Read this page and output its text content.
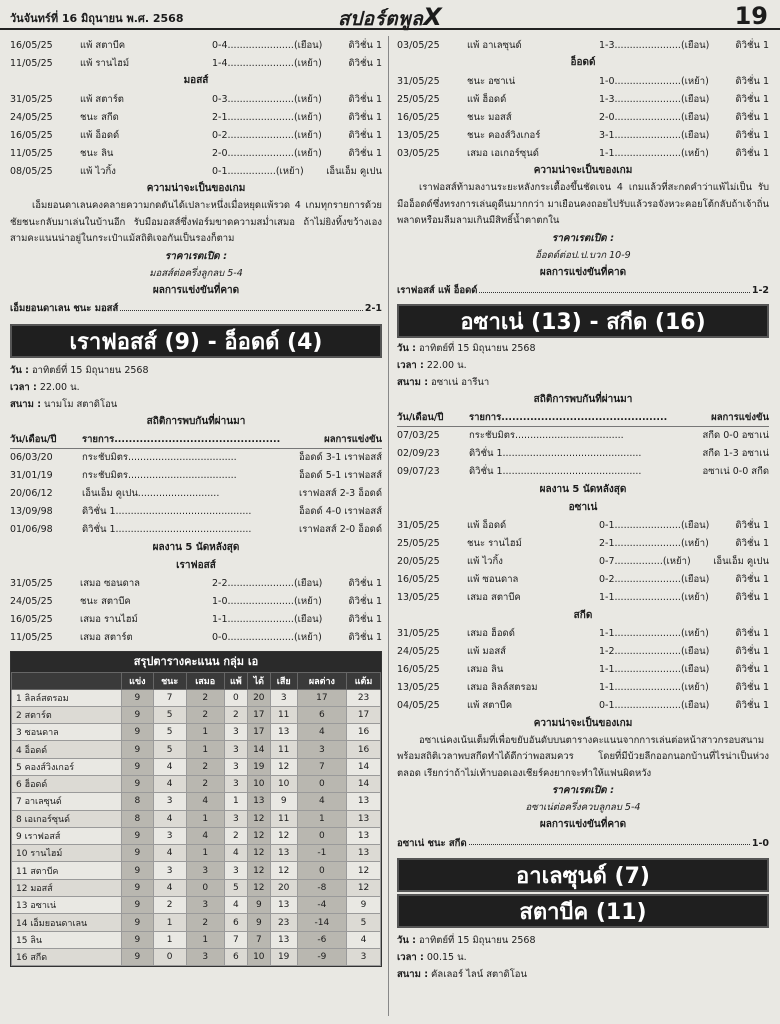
วันจันทร์ที่ 16 มิถุนายน พ.ศ. 2568	สปอร์ตพูลX	19
16/05/25	แพ้ สตาบีค	0-4......................(เยือน)	ดิวิชั่น 1
11/05/25	แพ้ รานไฮม์	1-4......................(เหย้า)	ดิวิชั่น 1
มอสส์
31/05/25	แพ้ สตาร์ต	0-3......................(เหย้า)	ดิวิชั่น 1
24/05/25	ชนะ สกีด	2-1......................(เหย้า)	ดิวิชั่น 1
16/05/25	แพ้ อ็อดด์	0-2......................(เหย้า)	ดิวิชั่น 1
11/05/25	ชนะ ลิน	2-0......................(เหย้า)	ดิวิชั่น 1
08/05/25	แพ้ ไวกิ้ง	0-1................(เหย้า)	เอ็นเอ็ม คูเปน
ความน่าจะเป็นของเกม
เอ็มยอนดาเลนคงคลายความกดดันได้เปลาะหนึ่งเมื่อหยุดแพ้รวด 4 เกมทุกรายการด้วยชัยชนะกลับมาเล่นในบ้านอีก รับมือมอสส์ซึ่งฟอร์มขาดความสม่ำเสมอ ถ้าไม่ยิงทิ้งขว้างเองสามคะแนนน่าอยู่ในกระเป๋าแม้สถิติเจอกันเป็นรองก็ตาม
ราคาเรตเปิด :
มอสส์ต่อครึ่งลูกลบ 5-4
ผลการแข่งขันที่คาด
เอ็มยอนดาเลน ชนะ มอสส์	2-1
เราฟอสส์ (9) - อ็อดด์ (4)
วัน : อาทิตย์ที่ 15 มิถุนายน 2568
เวลา : 22.00 น.
สนาม : นามโม สตาดิโอน
สถิติการพบกันที่ผ่านมา
วัน/เดือน/ปี	รายการ..............................................	ผลการแข่งขัน
06/03/20	กระชับมิตร....................................	อ็อดด์ 3-1 เราฟอสส์
31/01/19	กระชับมิตร....................................	อ็อดด์ 5-1 เราฟอสส์
20/06/12	เอ็นเอ็ม คูเปน...........................	เราฟอสส์ 2-3 อ็อดด์
13/09/98	ดิวิชั่น 1.............................................	อ็อดด์ 4-0 เราฟอสส์
01/06/98	ดิวิชั่น 1.............................................	เราฟอสส์ 2-0 อ็อดด์
ผลงาน 5 นัดหลังสุด
เราฟอสส์
31/05/25	เสมอ ซอนดาล	2-2......................(เยือน)	ดิวิชั่น 1
24/05/25	ชนะ สตาบีค	1-0......................(เหย้า)	ดิวิชั่น 1
16/05/25	เสมอ รานไฮม์	1-1......................(เยือน)	ดิวิชั่น 1
11/05/25	เสมอ สตาร์ต	0-0......................(เหย้า)	ดิวิชั่น 1
สรุปตารางคะแนน กลุ่ม เอ
	แข่ง	ชนะ	เสมอ	แพ้	ได้	เสีย	ผลต่าง	แต้ม
1 ลิลล์สตรอม	9	7	2	0	20	3	17	23
2 สตาร์ต	9	5	2	2	17	11	6	17
3 ซอนดาล	9	5	1	3	17	13	4	16
4 อ็อดด์	9	5	1	3	14	11	3	16
5 คองส์วิงเกอร์	9	4	2	3	19	12	7	14
6 ฮ็อดด์	9	4	2	3	10	10	0	14
7 อาเลซุนด์	8	3	4	1	13	9	4	13
8 เอเกอร์ซุนด์	8	4	1	3	12	11	1	13
9 เราฟอสส์	9	3	4	2	12	12	0	13
10 รานไฮม์	9	4	1	4	12	13	-1	13
11 สตาบีค	9	3	3	3	12	12	0	12
12 มอสส์	9	4	0	5	12	20	-8	12
13 อซาเน่	9	2	3	4	9	13	-4	9
14 เอ็มยอนดาเลน	9	1	2	6	9	23	-14	5
15 ลิน	9	1	1	7	7	13	-6	4
16 สกีด	9	0	3	6	10	19	-9	3
03/05/25	แพ้ อาเลซุนด์	1-3......................(เยือน)	ดิวิชั่น 1
อ็อดด์
31/05/25	ชนะ อซาเน่	1-0......................(เหย้า)	ดิวิชั่น 1
25/05/25	แพ้ ฮ็อดด์	1-3......................(เยือน)	ดิวิชั่น 1
16/05/25	ชนะ มอสส์	2-0......................(เยือน)	ดิวิชั่น 1
13/05/25	ชนะ คองส์วิงเกอร์	3-1......................(เยือน)	ดิวิชั่น 1
03/05/25	เสมอ เอเกอร์ซุนด์	1-1......................(เหย้า)	ดิวิชั่น 1
ความน่าจะเป็นของเกม
เราฟอสส์ท้ามลงานระยะหลังกระเตื้องขึ้นชัดเจน 4 เกมแล้วที่สะกดคำว่าแพ้ไม่เป็น รับมืออ็อดด์ซึ่งทรงการเล่นดูดีนมากกว่า มาเยือนคงถอยไปรับแล้วรอจังหวะคอยโต้กลับถ้าเจ้าถิ่นพลาดหรือมลีมลามเกินมีสิทธิ์น้ำตาตกใน
ราคาเรตเปิด :
อ็อดด์ต่อป.ป.บวก 10-9
ผลการแข่งขันที่คาด
เราฟอสส์ แพ้ อ็อดด์	1-2
อซาเน่ (13) - สกีด (16)
วัน : อาทิตย์ที่ 15 มิถุนายน 2568
เวลา : 22.00 น.
สนาม : อซาเน่ อารีนา
สถิติการพบกันที่ผ่านมา
วัน/เดือน/ปี	รายการ..............................................	ผลการแข่งขัน
07/03/25	กระชับมิตร....................................	สกีด 0-0 อซาเน่
02/09/23	ดิวิชั่น 1..............................................	สกีด 1-3 อซาเน่
09/07/23	ดิวิชั่น 1..............................................	อซาเน่ 0-0 สกีด
ผลงาน 5 นัดหลังสุด
อซาเน่
31/05/25	แพ้ อ็อดด์	0-1......................(เยือน)	ดิวิชั่น 1
25/05/25	ชนะ รานไฮม์	2-1......................(เหย้า)	ดิวิชั่น 1
20/05/25	แพ้ ไวกิ้ง	0-7................(เหย้า)	เอ็นเอ็ม คูเปน
16/05/25	แพ้ ซอนดาล	0-2......................(เยือน)	ดิวิชั่น 1
13/05/25	เสมอ สตาบีค	1-1......................(เหย้า)	ดิวิชั่น 1
สกีด
31/05/25	เสมอ ฮ็อดด์	1-1......................(เหย้า)	ดิวิชั่น 1
24/05/25	แพ้ มอสส์	1-2......................(เยือน)	ดิวิชั่น 1
16/05/25	เสมอ ลิน	1-1......................(เยือน)	ดิวิชั่น 1
13/05/25	เสมอ ลิลล์สตรอม	1-1......................(เหย้า)	ดิวิชั่น 1
04/05/25	แพ้ สตาบีค	0-1......................(เยือน)	ดิวิชั่น 1
ความน่าจะเป็นของเกม
อซาเน่คงเน้นเต็มที่เพื่อขยับอันดับบนตารางคะแนนจากการเล่นต่อหน้าสาวกรอบสนามพร้อมสถิติเวลาพบสกีดทำได้ดีกว่าพอสมควร โดยที่มีบ้วยลีกออกนอกบ้านที่ไรน่าเป็นห่วงตลอด เรียกว่าถ้าไม่เท้าบอดเองเชียร์คงยากจะทำให้แฟนผิดหวัง
ราคาเรตเปิด :
อซาเน่ต่อครึ่งควบลูกลบ 5-4
ผลการแข่งขันที่คาด
อซาเน่ ชนะ สกีด	1-0
อาเลซุนด์ (7)
สตาบีค (11)
วัน : อาทิตย์ที่ 15 มิถุนายน 2568
เวลา : 00.15 น.
สนาม : คัลเลอร์ ไลน์ สตาดิโอน
